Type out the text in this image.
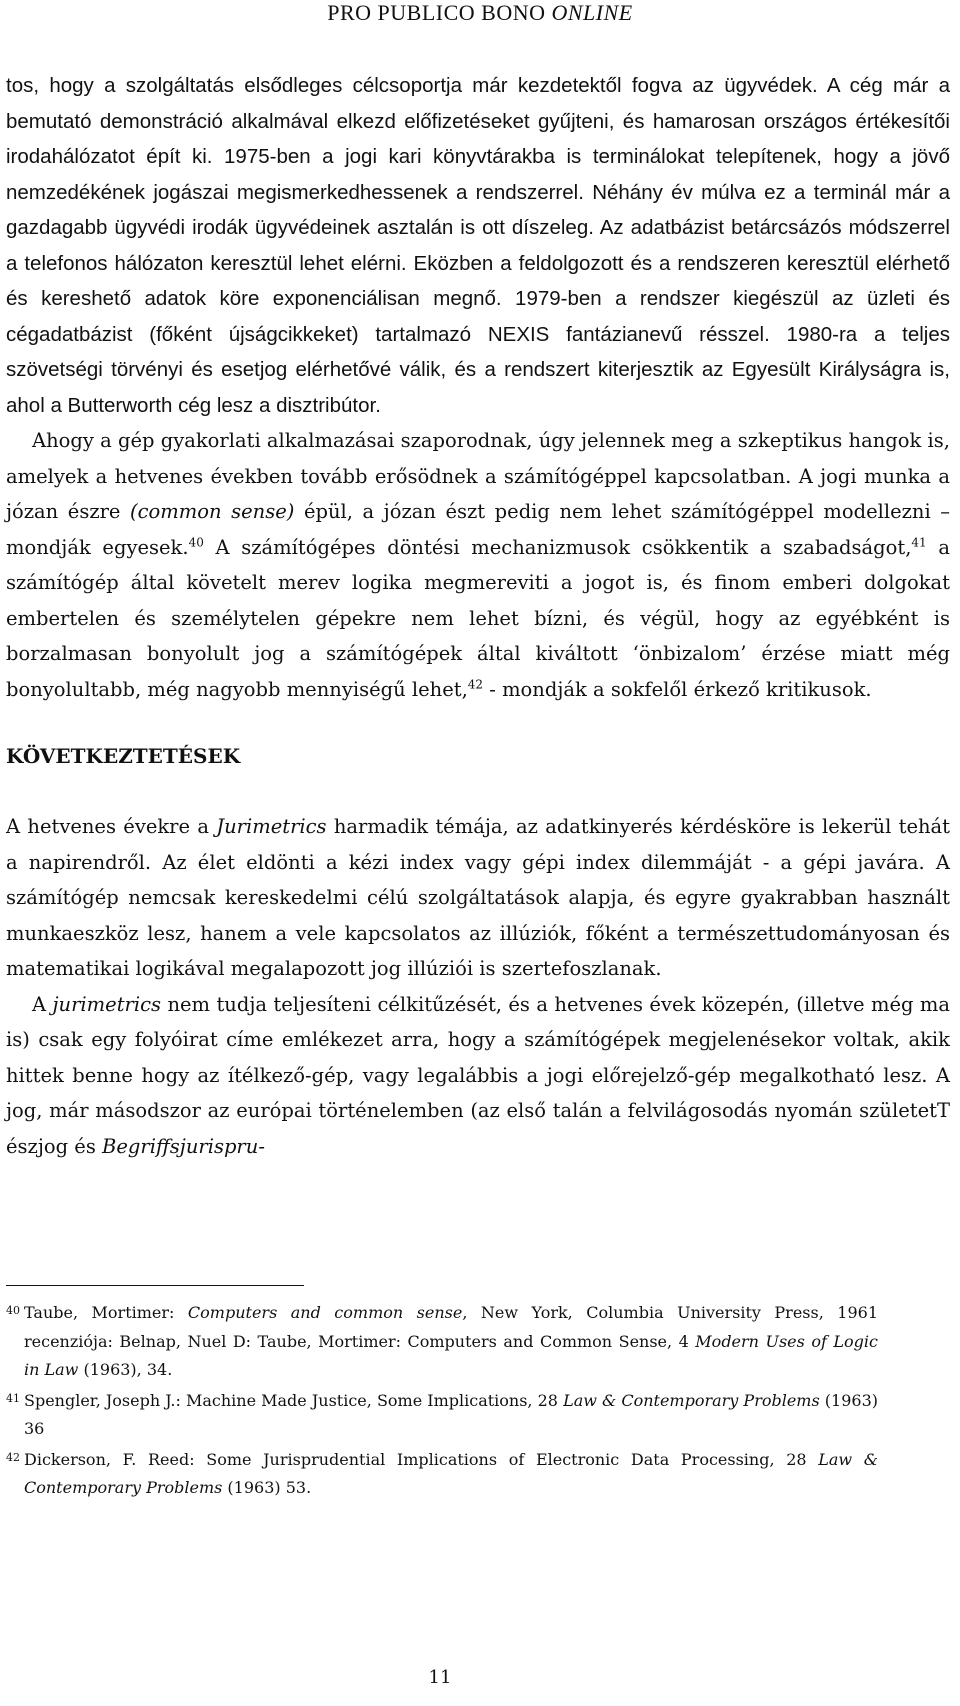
PRO PUBLICO BONO ONLINE

tos, hogy a szolgáltatás elsődleges célcsoportja már kezdetektől fogva az ügyvédek. A cég már a bemutató demonstráció alkalmával elkezd előfizetéseket gyűjteni, és hamarosan országos értékesítői irodahálózatot épít ki. 1975-ben a jogi kari könyvtárakba is terminálokat telepítenek, hogy a jövő nemzedékének jogászai megismerkedhessenek a rendszerrel. Néhány év múlva ez a terminál már a gazdagabb ügyvédi irodák ügyvédeinek asztalán is ott díszeleg. Az adatbázist betárcsázós módszerrel a telefonos hálózaton keresztül lehet elérni. Eközben a feldolgozott és a rendszeren keresztül elérhető és kereshető adatok köre exponenciálisan megnő. 1979-ben a rendszer kiegészül az üzleti és cégadatbázist (főként újságcikkeket) tartalmazó NEXIS fantázianevű résszel. 1980-ra a teljes szövetségi törvényi és esetjog elérhetővé válik, és a rendszert kiterjesztik az Egyesült Királyságra is, ahol a Butterworth cég lesz a disztribútor.

Ahogy a gép gyakorlati alkalmazásai szaporodnak, úgy jelennek meg a szkeptikus hangok is, amelyek a hetvenes években tovább erősödnek a számítógéppel kapcsolatban. A jogi munka a józan észre (common sense) épül, a józan észt pedig nem lehet számítógéppel modellezni – mondják egyesek.$^{40}$ A számítógépes döntési mechanizmusok csökkentik a szabadságot,$^{41}$ a számítógép által követelt merev logika megmereviti a jogot is, és finom emberi dolgokat embertelen és személytelen gépekre nem lehet bízni, és végül, hogy az egyébként is borzalmasan bonyolult jog a számítógépek által kiváltott ‘önbizalom’ érzése miatt még bonyolultabb, még nagyobb mennyiségű lehet,$^{42}$ - mondják a sokfelől érkező kritikusok.

KÖVETKEZTETÉSEK

A hetvenes évekre a Jurimetrics harmadik témája, az adatkinyerés kérdésköre is lekerül tehát a napirendről. Az élet eldönti a kézi index vagy gépi index dilemmáját - a gépi javára. A számítógép nemcsak kereskedelmi célú szolgáltatások alapja, és egyre gyakrabban használt munkaeszköz lesz, hanem a vele kapcsolatos az illúziók, főként a természettudományosan és matematikai logikával megalapozott jog illúziói is szertefoszlanak.

A jurimetrics nem tudja teljesíteni célkitűzését, és a hetvenes évek közepén, (illetve még ma is) csak egy folyóirat címe emlékezet arra, hogy a számítógépek megjelenésekor voltak, akik hittek benne hogy az ítélkező-gép, vagy legalábbis a jogi előrejelző-gép megalkotható lesz. A jog, már másodszor az európai történelemben (az első talán a felvilágosodás nyomán születetT észjog és Begriffsjurispru-

$^{40}$ Taube, Mortimer: Computers and common sense, New York, Columbia University Press, 1961 recenziója: Belnap, Nuel D: Taube, Mortimer: Computers and Common Sense, 4 Modern Uses of Logic in Law (1963), 34.

$^{41}$ Spengler, Joseph J.: Machine Made Justice, Some Implications, 28 Law & Contemporary Problems (1963) 36

$^{42}$ Dickerson, F. Reed: Some Jurisprudential Implications of Electronic Data Processing, 28 Law & Contemporary Problems (1963) 53.

11
